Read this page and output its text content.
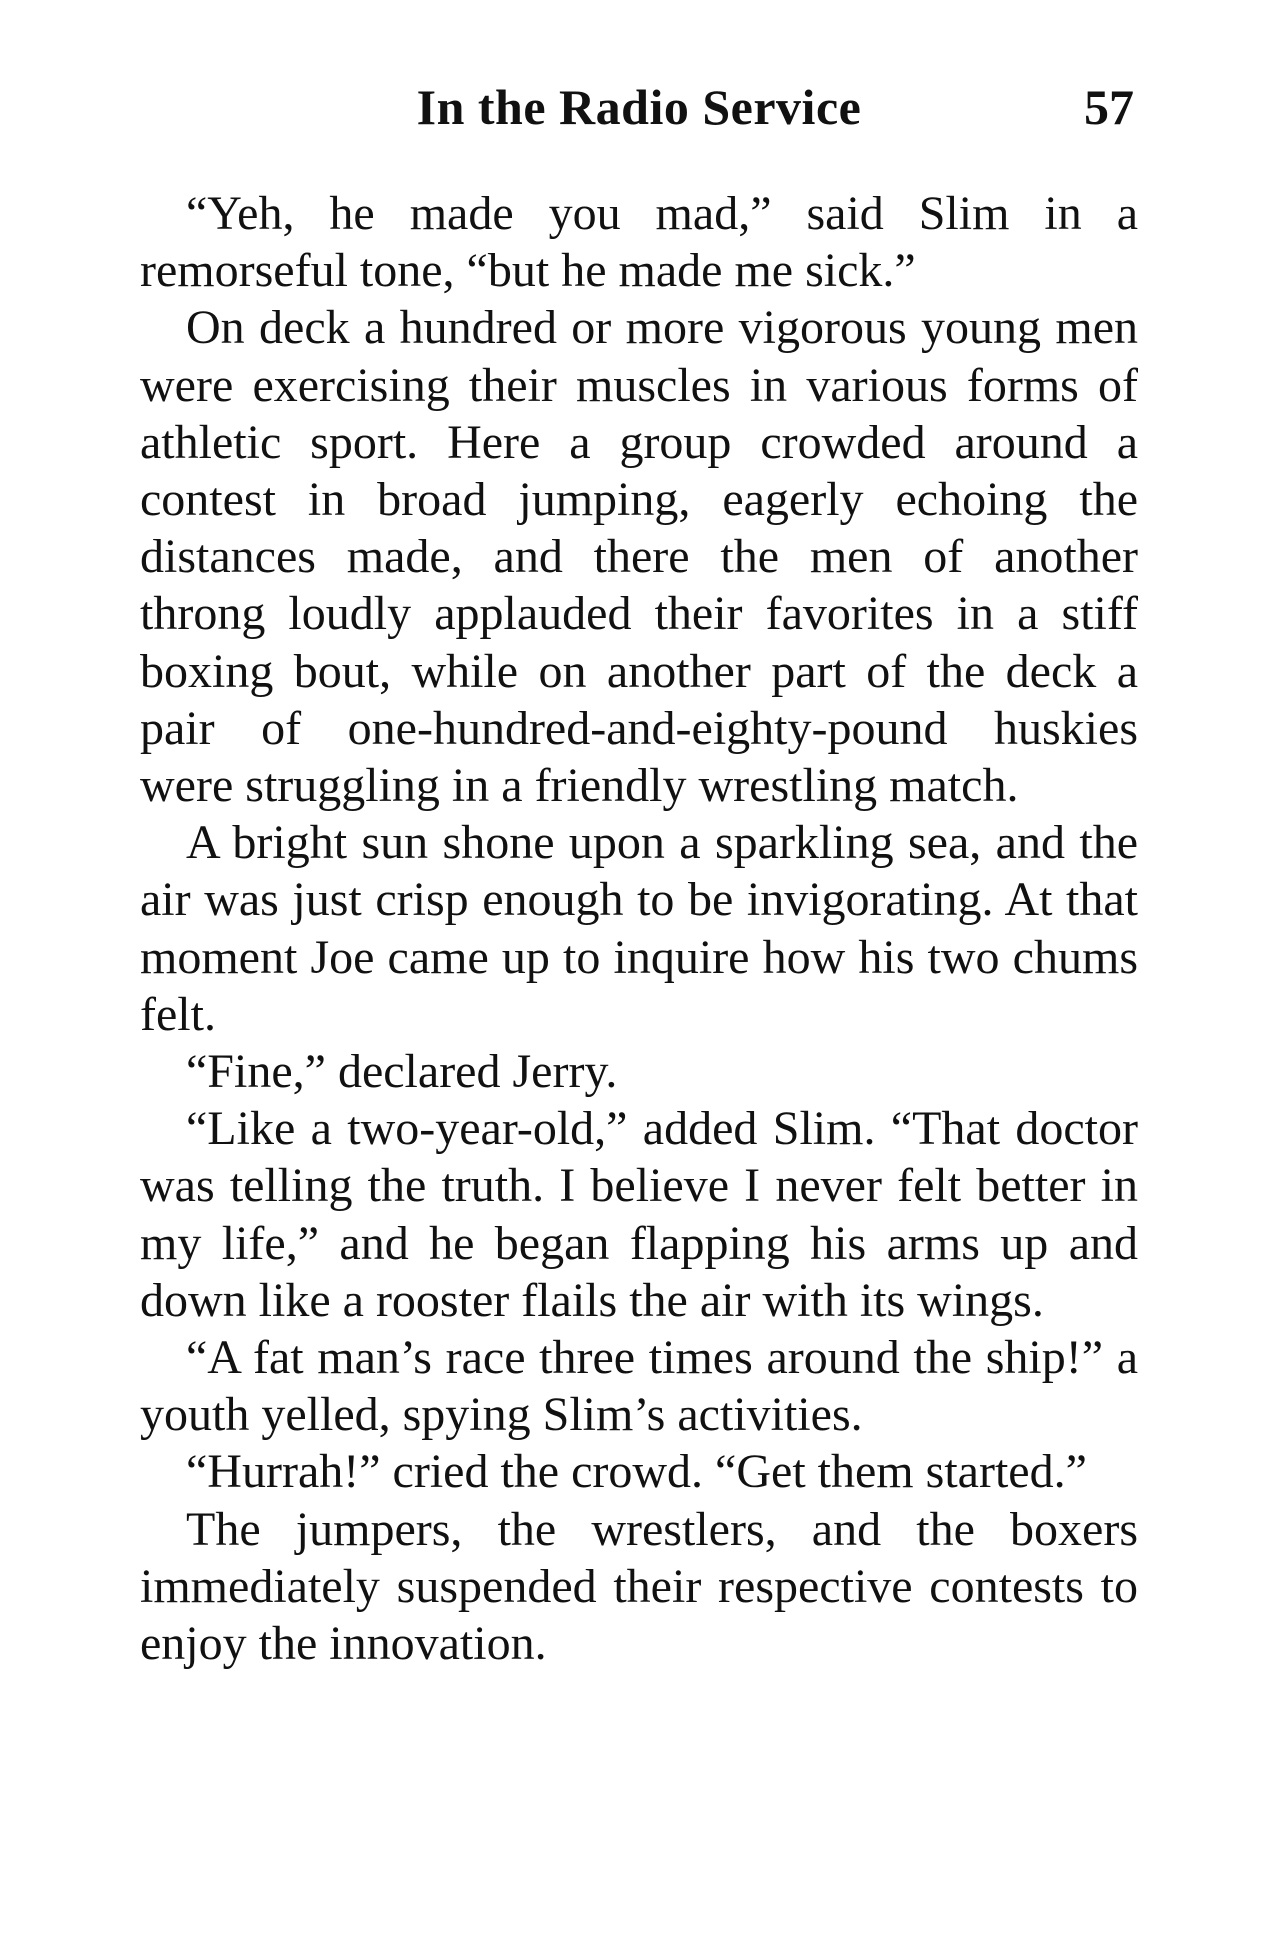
In the Radio Service	57

“Yeh, he made you mad,” said Slim in a remorseful tone, “but he made me sick.”

On deck a hundred or more vigorous young men were exercising their muscles in various forms of athletic sport. Here a group crowded around a contest in broad jumping, eagerly echoing the distances made, and there the men of another throng loudly applauded their favorites in a stiff boxing bout, while on another part of the deck a pair of one-hundred-and-eighty-pound huskies were struggling in a friendly wrestling match.

A bright sun shone upon a sparkling sea, and the air was just crisp enough to be invigorating. At that moment Joe came up to inquire how his two chums felt.

“Fine,” declared Jerry.

“Like a two-year-old,” added Slim. “That doctor was telling the truth. I believe I never felt better in my life,” and he began flapping his arms up and down like a rooster flails the air with its wings.

“A fat man’s race three times around the ship!” a youth yelled, spying Slim’s activities.

“Hurrah!” cried the crowd. “Get them started.”

The jumpers, the wrestlers, and the boxers immediately suspended their respective contests to enjoy the innovation.
